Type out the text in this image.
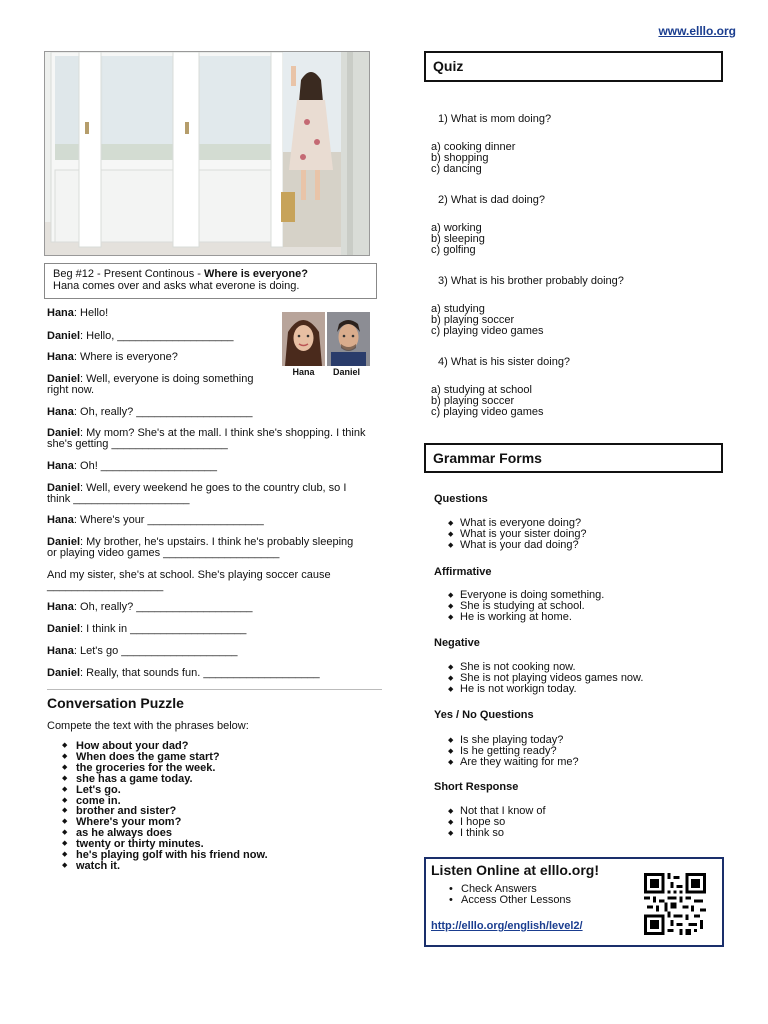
www.elllo.org
Beg #12 - Present Continous - Where is everyone?
Hana comes over and asks what everone is doing.
Hana	Daniel
Hana: Hello!
Daniel: Hello, ___________________
Hana: Where is everyone?
Daniel: Well, everyone is doing something
right now.
Hana: Oh, really? ___________________
Daniel: My mom? She's at the mall. I think she's shopping. I think
she's getting ___________________
Hana: Oh! ___________________
Daniel: Well, every weekend he goes to the country club, so I
think ___________________
Hana: Where's your ___________________
Daniel: My brother, he's upstairs. I think he's probably sleeping
or playing video games ___________________
And my sister, she's at school. She's playing soccer cause
___________________
Hana: Oh, really? ___________________
Daniel: I think in ___________________
Hana: Let's go ___________________
Daniel: Really, that sounds fun. ___________________
Conversation Puzzle
Compete the text with the phrases below:
◆ How about your dad?
◆ When does the game start?
◆ the groceries for the week.
◆ she has a game today.
◆ Let's go.
◆ come in.
◆ brother and sister?
◆ Where's your mom?
◆ as he always does
◆ twenty or thirty minutes.
◆ he's playing golf with his friend now.
◆ watch it.
Quiz
1) What is mom doing?
a) cooking dinner
b) shopping
c) dancing
2) What is dad doing?
a) working
b) sleeping
c) golfing
3) What is his brother probably doing?
a) studying
b) playing soccer
c) playing video games
4) What is his sister doing?
a) studying at school
b) playing soccer
c) playing video games
Grammar Forms
Questions
◆ What is everyone doing?
◆ What is your sister doing?
◆ What is your dad doing?
Affirmative
◆ Everyone is doing something.
◆ She is studying at school.
◆ He is working at home.
Negative
◆ She is not cooking now.
◆ She is not playing videos games now.
◆ He is not workign today.
Yes / No Questions
◆ Is she playing today?
◆ Is he getting ready?
◆ Are they waiting for me?
Short Response
◆ Not that I know of
◆ I hope so
◆ I think so
Listen Online at elllo.org!
• Check Answers
• Access Other Lessons
http://elllo.org/english/level2/
